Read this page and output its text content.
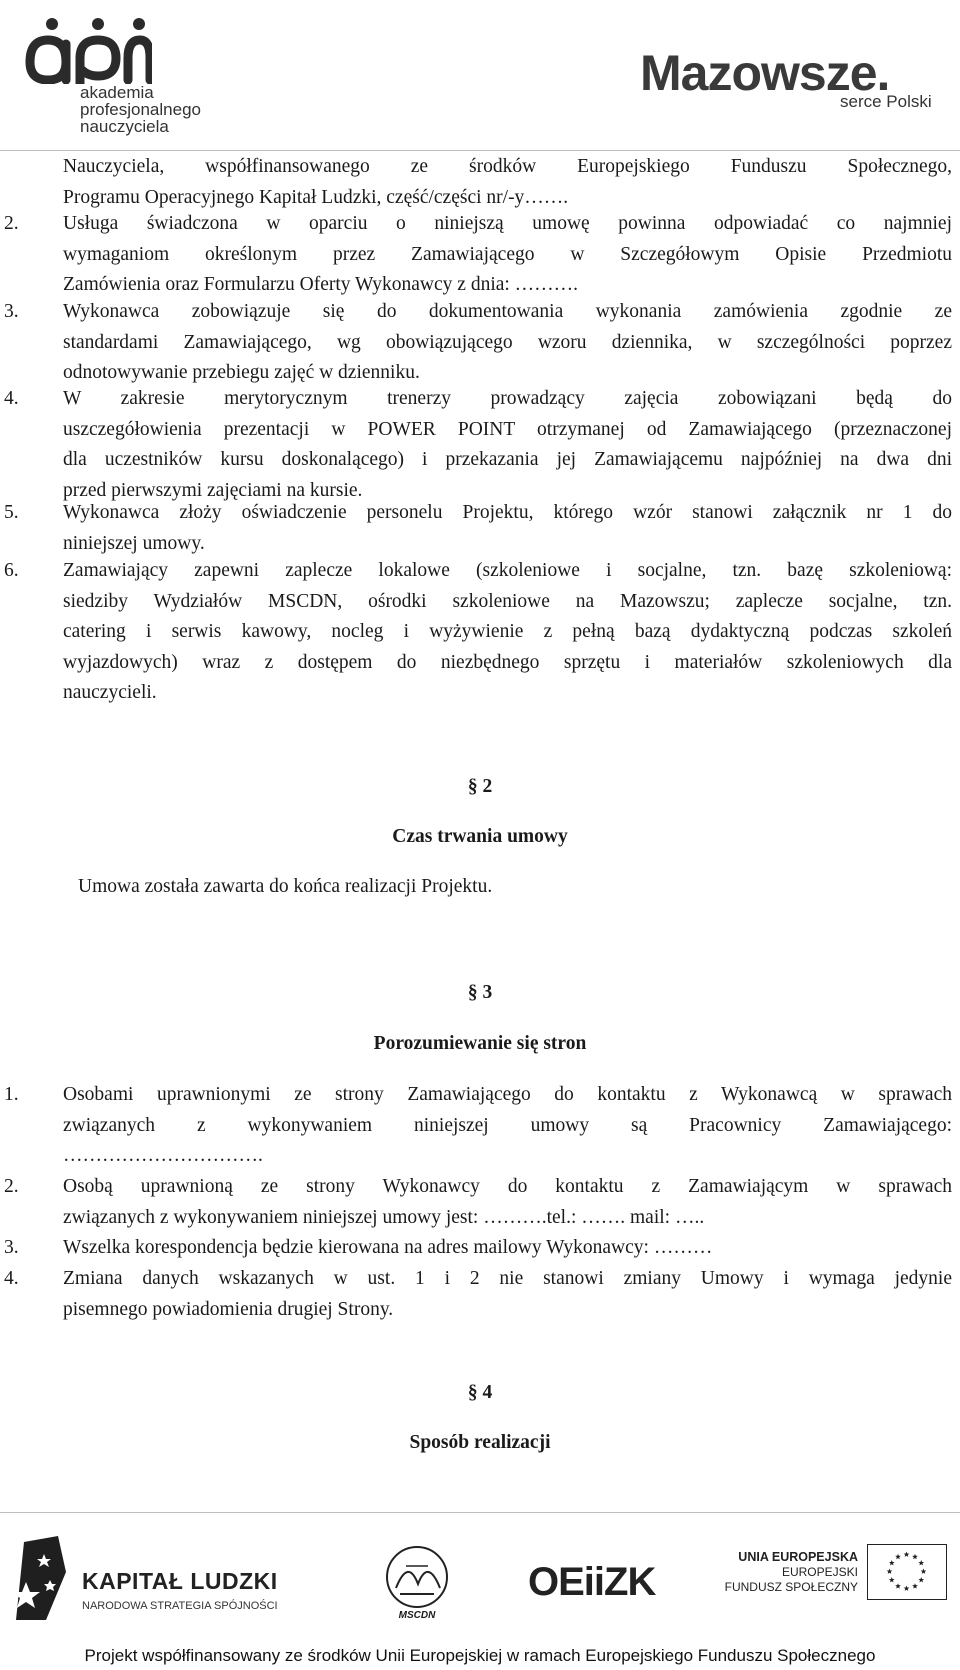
akademia
profesjonalnego
nauczyciela
Mazowsze.
serce Polski
Nauczyciela, współfinansowanego ze środków Europejskiego Funduszu Społecznego,
Programu Operacyjnego Kapitał Ludzki, część/części nr/-y…….
2. Usługa świadczona w oparciu o niniejszą umowę powinna odpowiadać co najmniej
wymaganiom określonym przez Zamawiającego w Szczegółowym Opisie Przedmiotu
Zamówienia oraz Formularzu Oferty Wykonawcy z dnia: ……….
3. Wykonawca zobowiązuje się do dokumentowania wykonania zamówienia zgodnie ze
standardami Zamawiającego, wg obowiązującego wzoru dziennika, w szczególności poprzez
odnotowywanie przebiegu zajęć w dzienniku.
4. W zakresie merytorycznym trenerzy prowadzący zajęcia zobowiązani będą do
uszczegółowienia prezentacji w POWER POINT otrzymanej od Zamawiającego (przeznaczonej
dla uczestników kursu doskonalącego) i przekazania jej Zamawiającemu najpóźniej na dwa dni
przed pierwszymi zajęciami na kursie.
5. Wykonawca złoży oświadczenie personelu Projektu, którego wzór stanowi załącznik nr 1 do
niniejszej umowy.
6. Zamawiający zapewni zaplecze lokalowe (szkoleniowe i socjalne, tzn. bazę szkoleniową:
siedziby Wydziałów MSCDN, ośrodki szkoleniowe na Mazowszu; zaplecze socjalne, tzn.
catering i serwis kawowy, nocleg i wyżywienie z pełną bazą dydaktyczną podczas szkoleń
wyjazdowych) wraz z dostępem do niezbędnego sprzętu i materiałów szkoleniowych dla
nauczycieli.
§ 2
Czas trwania umowy
Umowa została zawarta do końca realizacji Projektu.
§ 3
Porozumiewanie się stron
1. Osobami uprawnionymi ze strony Zamawiającego do kontaktu z Wykonawcą w sprawach
związanych z wykonywaniem niniejszej umowy są Pracownicy Zamawiającego:
………………………….
2. Osobą uprawnioną ze strony Wykonawcy do kontaktu z Zamawiającym w sprawach
związanych z wykonywaniem niniejszej umowy jest: ……….tel.: ……. mail: …..
3. Wszelka korespondencja będzie kierowana na adres mailowy Wykonawcy: ………
4. Zmiana danych wskazanych w ust. 1 i 2 nie stanowi zmiany Umowy i wymaga jedynie
pisemnego powiadomienia drugiej Strony.
§ 4
Sposób realizacji
KAPITAŁ LUDZKI
NARODOWA STRATEGIA SPÓJNOŚCI
MSCDN
OEiiZK
UNIA EUROPEJSKA
EUROPEJSKI
FUNDUSZ SPOŁECZNY
Projekt współfinansowany ze środków Unii Europejskiej w ramach Europejskiego Funduszu Społecznego
